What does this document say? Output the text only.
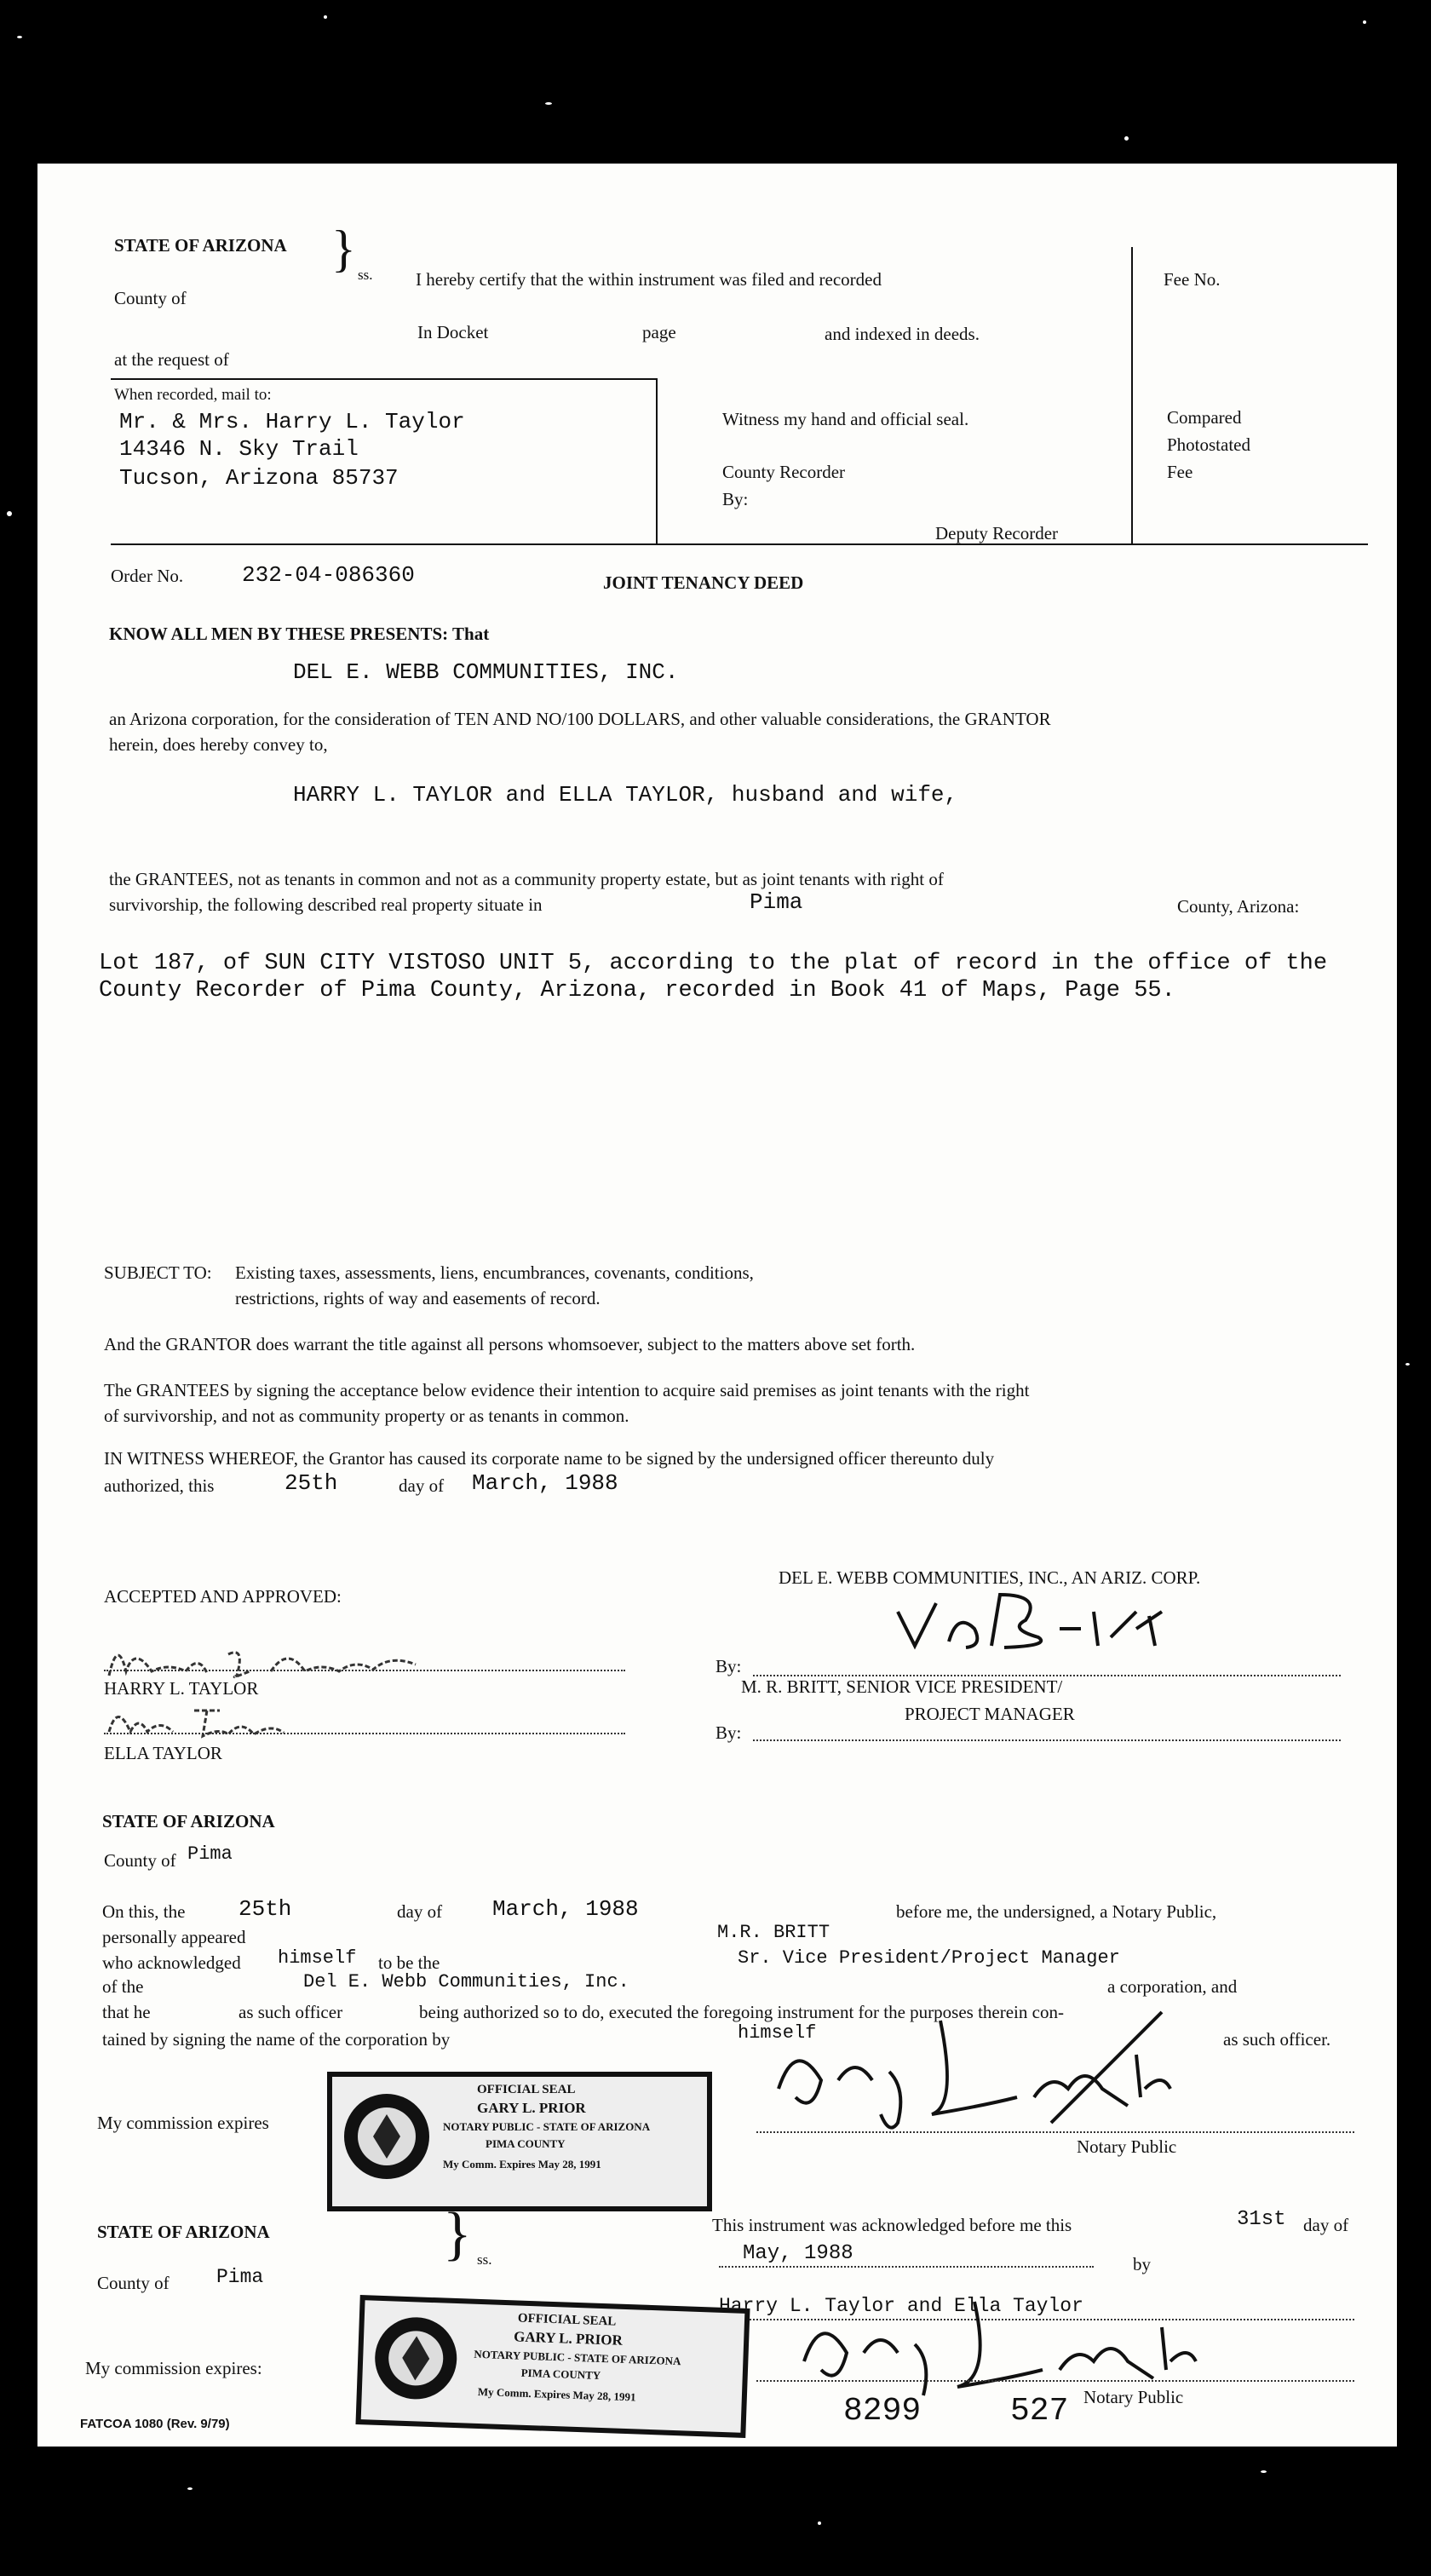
STATE OF ARIZONA
County of
} ss. I hereby certify that the within instrument was filed and recorded
In Docket	page	and indexed in deeds.
at the request of
Fee No.
When recorded, mail to:
Mr. & Mrs. Harry L. Taylor
14346 N. Sky Trail
Tucson, Arizona 85737
Witness my hand and official seal.
County Recorder
By:
Deputy Recorder
Compared
Photostated
Fee
Order No.	232-04-086360	JOINT TENANCY DEED
KNOW ALL MEN BY THESE PRESENTS: That
DEL E. WEBB COMMUNITIES, INC.
an Arizona corporation, for the consideration of TEN AND NO/100 DOLLARS, and other valuable considerations, the GRANTOR
herein, does hereby convey to,
HARRY L. TAYLOR and ELLA TAYLOR, husband and wife,
the GRANTEES, not as tenants in common and not as a community property estate, but as joint tenants with right of
survivorship, the following described real property situate in	Pima	County, Arizona:
Lot 187, of SUN CITY VISTOSO UNIT 5, according to the plat of record in the office of the
County Recorder of Pima County, Arizona, recorded in Book 41 of Maps, Page 55.
SUBJECT TO: Existing taxes, assessments, liens, encumbrances, covenants, conditions,
restrictions, rights of way and easements of record.
And the GRANTOR does warrant the title against all persons whomsoever, subject to the matters above set forth.
The GRANTEES by signing the acceptance below evidence their intention to acquire said premises as joint tenants with the right
of survivorship, and not as community property or as tenants in common.
IN WITNESS WHEREOF, the Grantor has caused its corporate name to be signed by the undersigned officer thereunto duly
authorized, this	25th	day of March, 1988
DEL E. WEBB COMMUNITIES, INC., AN ARIZ. CORP.
ACCEPTED AND APPROVED:
By:
M. R. BRITT, SENIOR VICE PRESIDENT/
PROJECT MANAGER
By:
HARRY L. TAYLOR
ELLA TAYLOR
STATE OF ARIZONA
County of Pima
On this, the 25th	day of March, 1988	before me, the undersigned, a Notary Public,
personally appeared	M.R. BRITT
who acknowledged himself to be the	Sr. Vice President/Project Manager
of the	Del E. Webb Communities, Inc.	a corporation, and
that he	as such officer	being authorized so to do, executed the foregoing instrument for the purposes therein con-
tained by signing the name of the corporation by	himself	as such officer.
My commission expires
OFFICIAL SEAL
GARY L. PRIOR
NOTARY PUBLIC - STATE OF ARIZONA
PIMA COUNTY
My Comm. Expires May 28, 1991
Notary Public
STATE OF ARIZONA	} ss.
County of Pima
This instrument was acknowledged before me this	31st day of
May, 1988	by
Harry L. Taylor and Ella Taylor
My commission expires:
OFFICIAL SEAL
GARY L. PRIOR
NOTARY PUBLIC - STATE OF ARIZONA
PIMA COUNTY
My Comm. Expires May 28, 1991	Notary Public
FATCOA 1080 (Rev. 9/79)	8299	527
